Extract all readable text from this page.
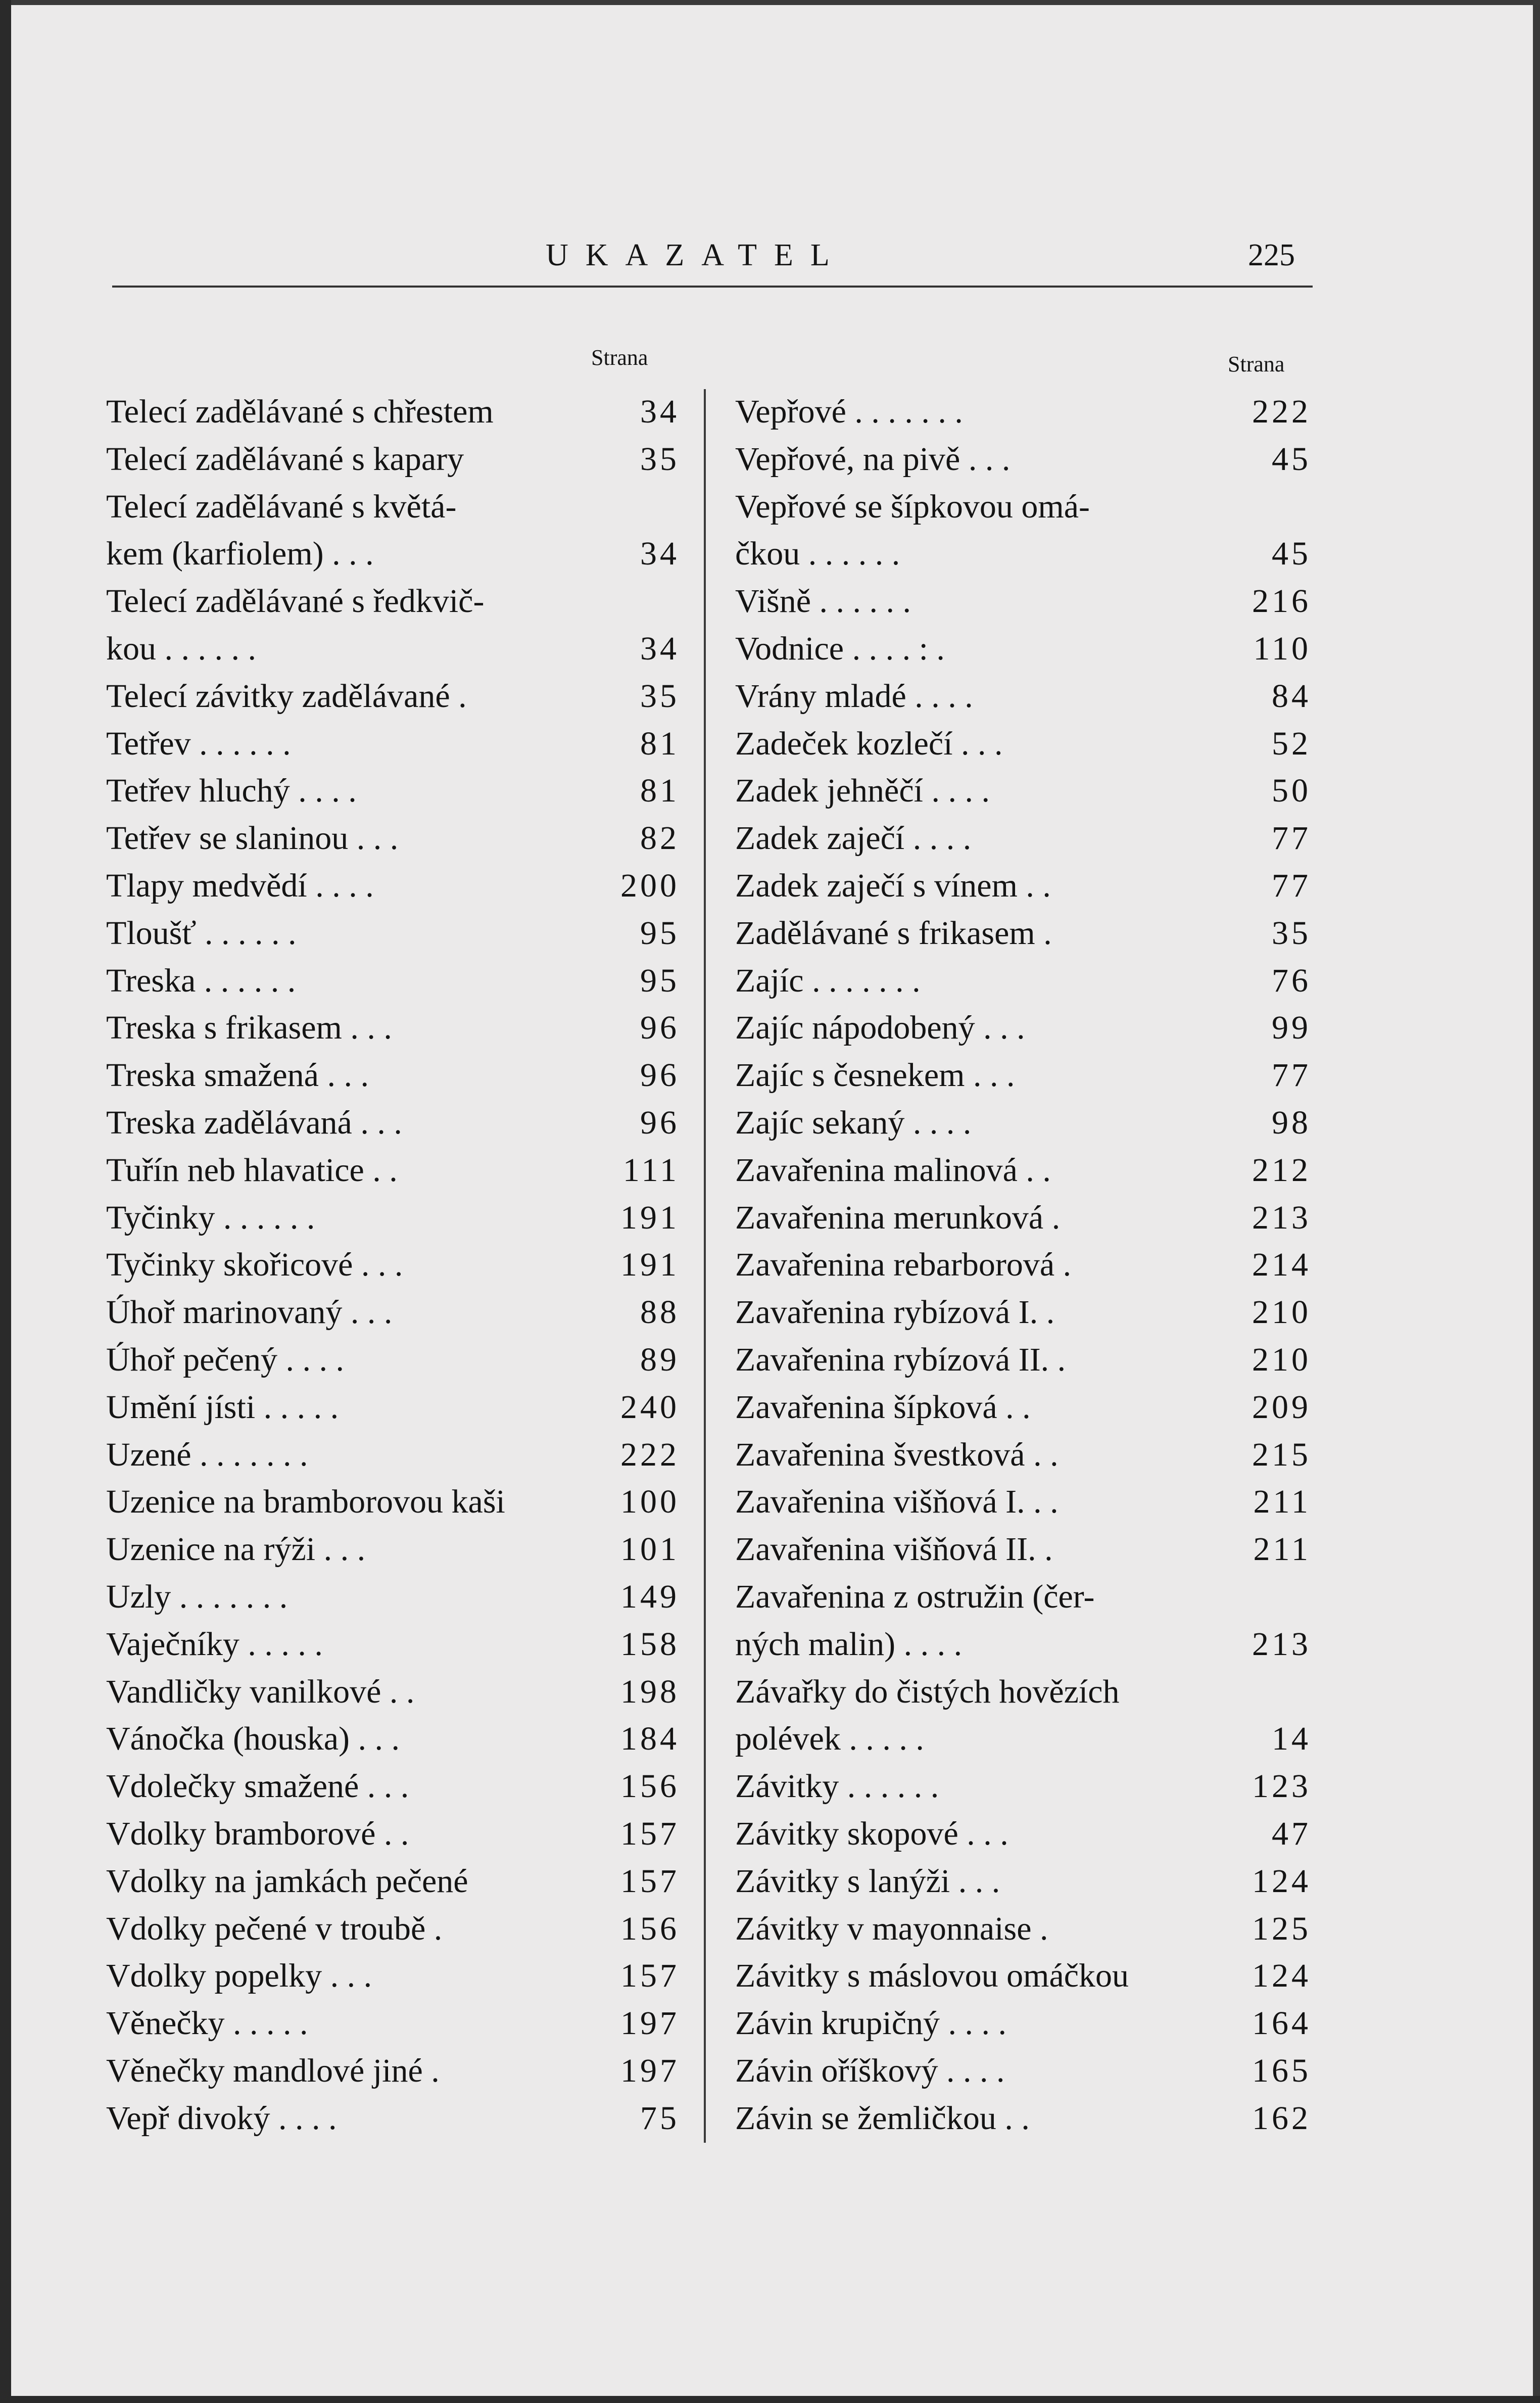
UKAZATEL	225
Strana	Strana
Telecí zadělávané s chřestem	34
Telecí zadělávané s kapary	35
Telecí zadělávané s květá-
kem (karfiolem) . . .	34
Telecí zadělávané s ředkvič-
kou . . . . . .	34
Telecí závitky zadělávané .	35
Tetřev . . . . . .	81
Tetřev hluchý . . . .	81
Tetřev se slaninou . . .	82
Tlapy medvědí . . . .	200
Tloušť . . . . . .	95
Treska . . . . . .	95
Treska s frikasem . . .	96
Treska smažená . . .	96
Treska zadělávaná . . .	96
Tuřín neb hlavatice . .	111
Tyčinky . . . . . .	191
Tyčinky skořicové . . .	191
Úhoř marinovaný . . .	88
Úhoř pečený . . . .	89
Umění jísti . . . . .	240
Uzené . . . . . . .	222
Uzenice na bramborovou kaši	100
Uzenice na rýži . . .	101
Uzly . . . . . . .	149
Vaječníky . . . . .	158
Vandličky vanilkové . .	198
Vánočka (houska) . . .	184
Vdolečky smažené . . .	156
Vdolky bramborové . .	157
Vdolky na jamkách pečené	157
Vdolky pečené v troubě .	156
Vdolky popelky . . .	157
Věnečky . . . . .	197
Věnečky mandlové jiné .	197
Vepř divoký . . . .	75
Vepřové . . . . . . .	222
Vepřové, na pivě . . .	45
Vepřové se šípkovou omá-
čkou . . . . . .	45
Višně . . . . . .	216
Vodnice . . . . : .	110
Vrány mladé . . . .	84
Zadeček kozlečí . . .	52
Zadek jehněčí . . . .	50
Zadek zaječí . . . .	77
Zadek zaječí s vínem . .	77
Zadělávané s frikasem .	35
Zajíc . . . . . . .	76
Zajíc nápodobený . . .	99
Zajíc s česnekem . . .	77
Zajíc sekaný . . . .	98
Zavařenina malinová . .	212
Zavařenina merunková .	213
Zavařenina rebarborová .	214
Zavařenina rybízová I. .	210
Zavařenina rybízová II. .	210
Zavařenina šípková . .	209
Zavařenina švestková . .	215
Zavařenina višňová I. . .	211
Zavařenina višňová II. .	211
Zavařenina z ostružin (čer-
ných malin) . . . .	213
Závařky do čistých hovězích
polévek . . . . .	14
Závitky . . . . . .	123
Závitky skopové . . .	47
Závitky s lanýži . . .	124
Závitky v mayonnaise .	125
Závitky s máslovou omáčkou	124
Závin krupičný . . . .	164
Závin oříškový . . . .	165
Závin se žemličkou . .	162
